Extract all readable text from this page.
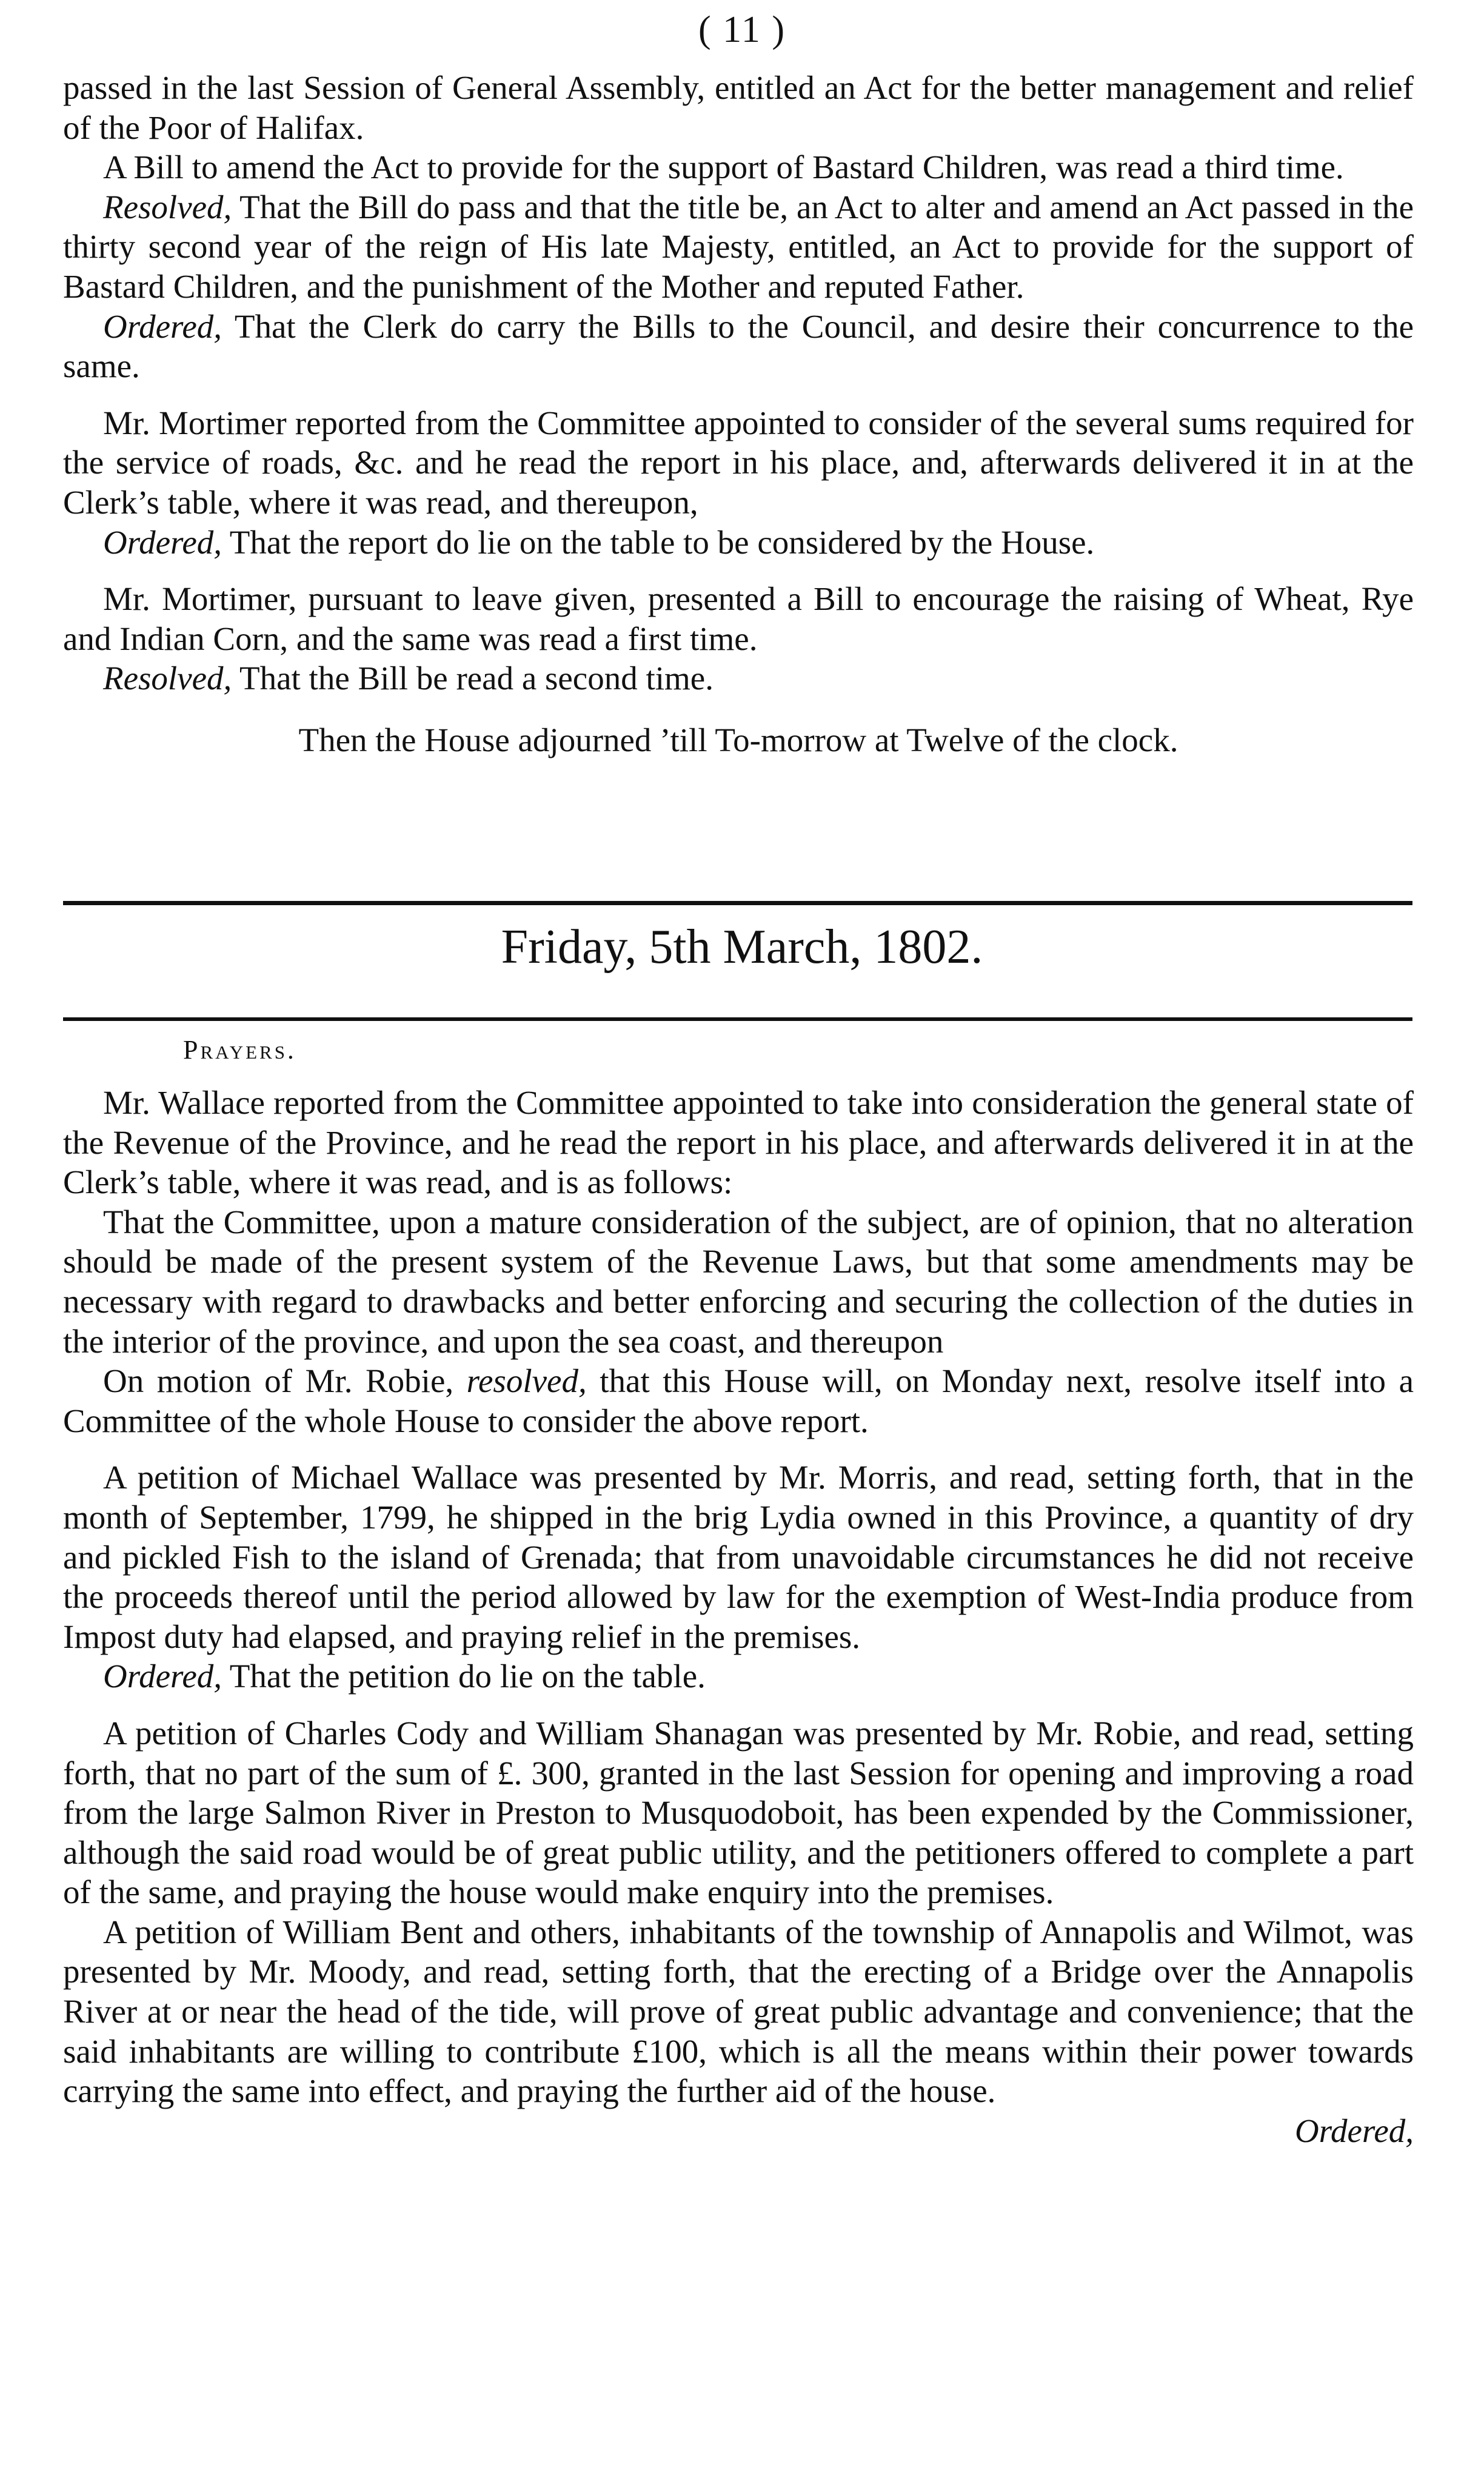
( 11 )

passed in the last Session of General Assembly, entitled an Act for the better management and relief of the Poor of Halifax.

A Bill to amend the Act to provide for the support of Bastard Children, was read a third time.

Resolved, That the Bill do pass and that the title be, an Act to alter and amend an Act passed in the thirty second year of the reign of His late Majesty, entitled, an Act to provide for the support of Bastard Children, and the punishment of the Mother and reputed Father.

Ordered, That the Clerk do carry the Bills to the Council, and desire their concurrence to the same.

Mr. Mortimer reported from the Committee appointed to consider of the several sums required for the service of roads, &c. and he read the report in his place, and, afterwards delivered it in at the Clerk’s table, where it was read, and thereupon,

Ordered, That the report do lie on the table to be considered by the House.

Mr. Mortimer, pursuant to leave given, presented a Bill to encourage the raising of Wheat, Rye and Indian Corn, and the same was read a first time.

Resolved, That the Bill be read a second time.

Then the House adjourned ’till To-morrow at Twelve of the clock.

Friday, 5th March, 1802.
Prayers.

Mr. Wallace reported from the Committee appointed to take into consideration the general state of the Revenue of the Province, and he read the report in his place, and afterwards delivered it in at the Clerk’s table, where it was read, and is as follows:

That the Committee, upon a mature consideration of the subject, are of opinion, that no alteration should be made of the present system of the Revenue Laws, but that some amendments may be necessary with regard to drawbacks and better enforcing and securing the collection of the duties in the interior of the province, and upon the sea coast, and thereupon

On motion of Mr. Robie, resolved, that this House will, on Monday next, resolve itself into a Committee of the whole House to consider the above report.

A petition of Michael Wallace was presented by Mr. Morris, and read, setting forth, that in the month of September, 1799, he shipped in the brig Lydia owned in this Province, a quantity of dry and pickled Fish to the island of Grenada; that from unavoidable circumstances he did not receive the proceeds thereof until the period allowed by law for the exemption of West-India produce from Impost duty had elapsed, and praying relief in the premises.

Ordered, That the petition do lie on the table.

A petition of Charles Cody and William Shanagan was presented by Mr. Robie, and read, setting forth, that no part of the sum of £. 300, granted in the last Session for opening and improving a road from the large Salmon River in Preston to Musquodoboit, has been expended by the Commissioner, although the said road would be of great public utility, and the petitioners offered to complete a part of the same, and praying the house would make enquiry into the premises.

A petition of William Bent and others, inhabitants of the township of Annapolis and Wilmot, was presented by Mr. Moody, and read, setting forth, that the erecting of a Bridge over the Annapolis River at or near the head of the tide, will prove of great public advantage and convenience; that the said inhabitants are willing to contribute £100, which is all the means within their power towards carrying the same into effect, and praying the further aid of the house.

Ordered,
